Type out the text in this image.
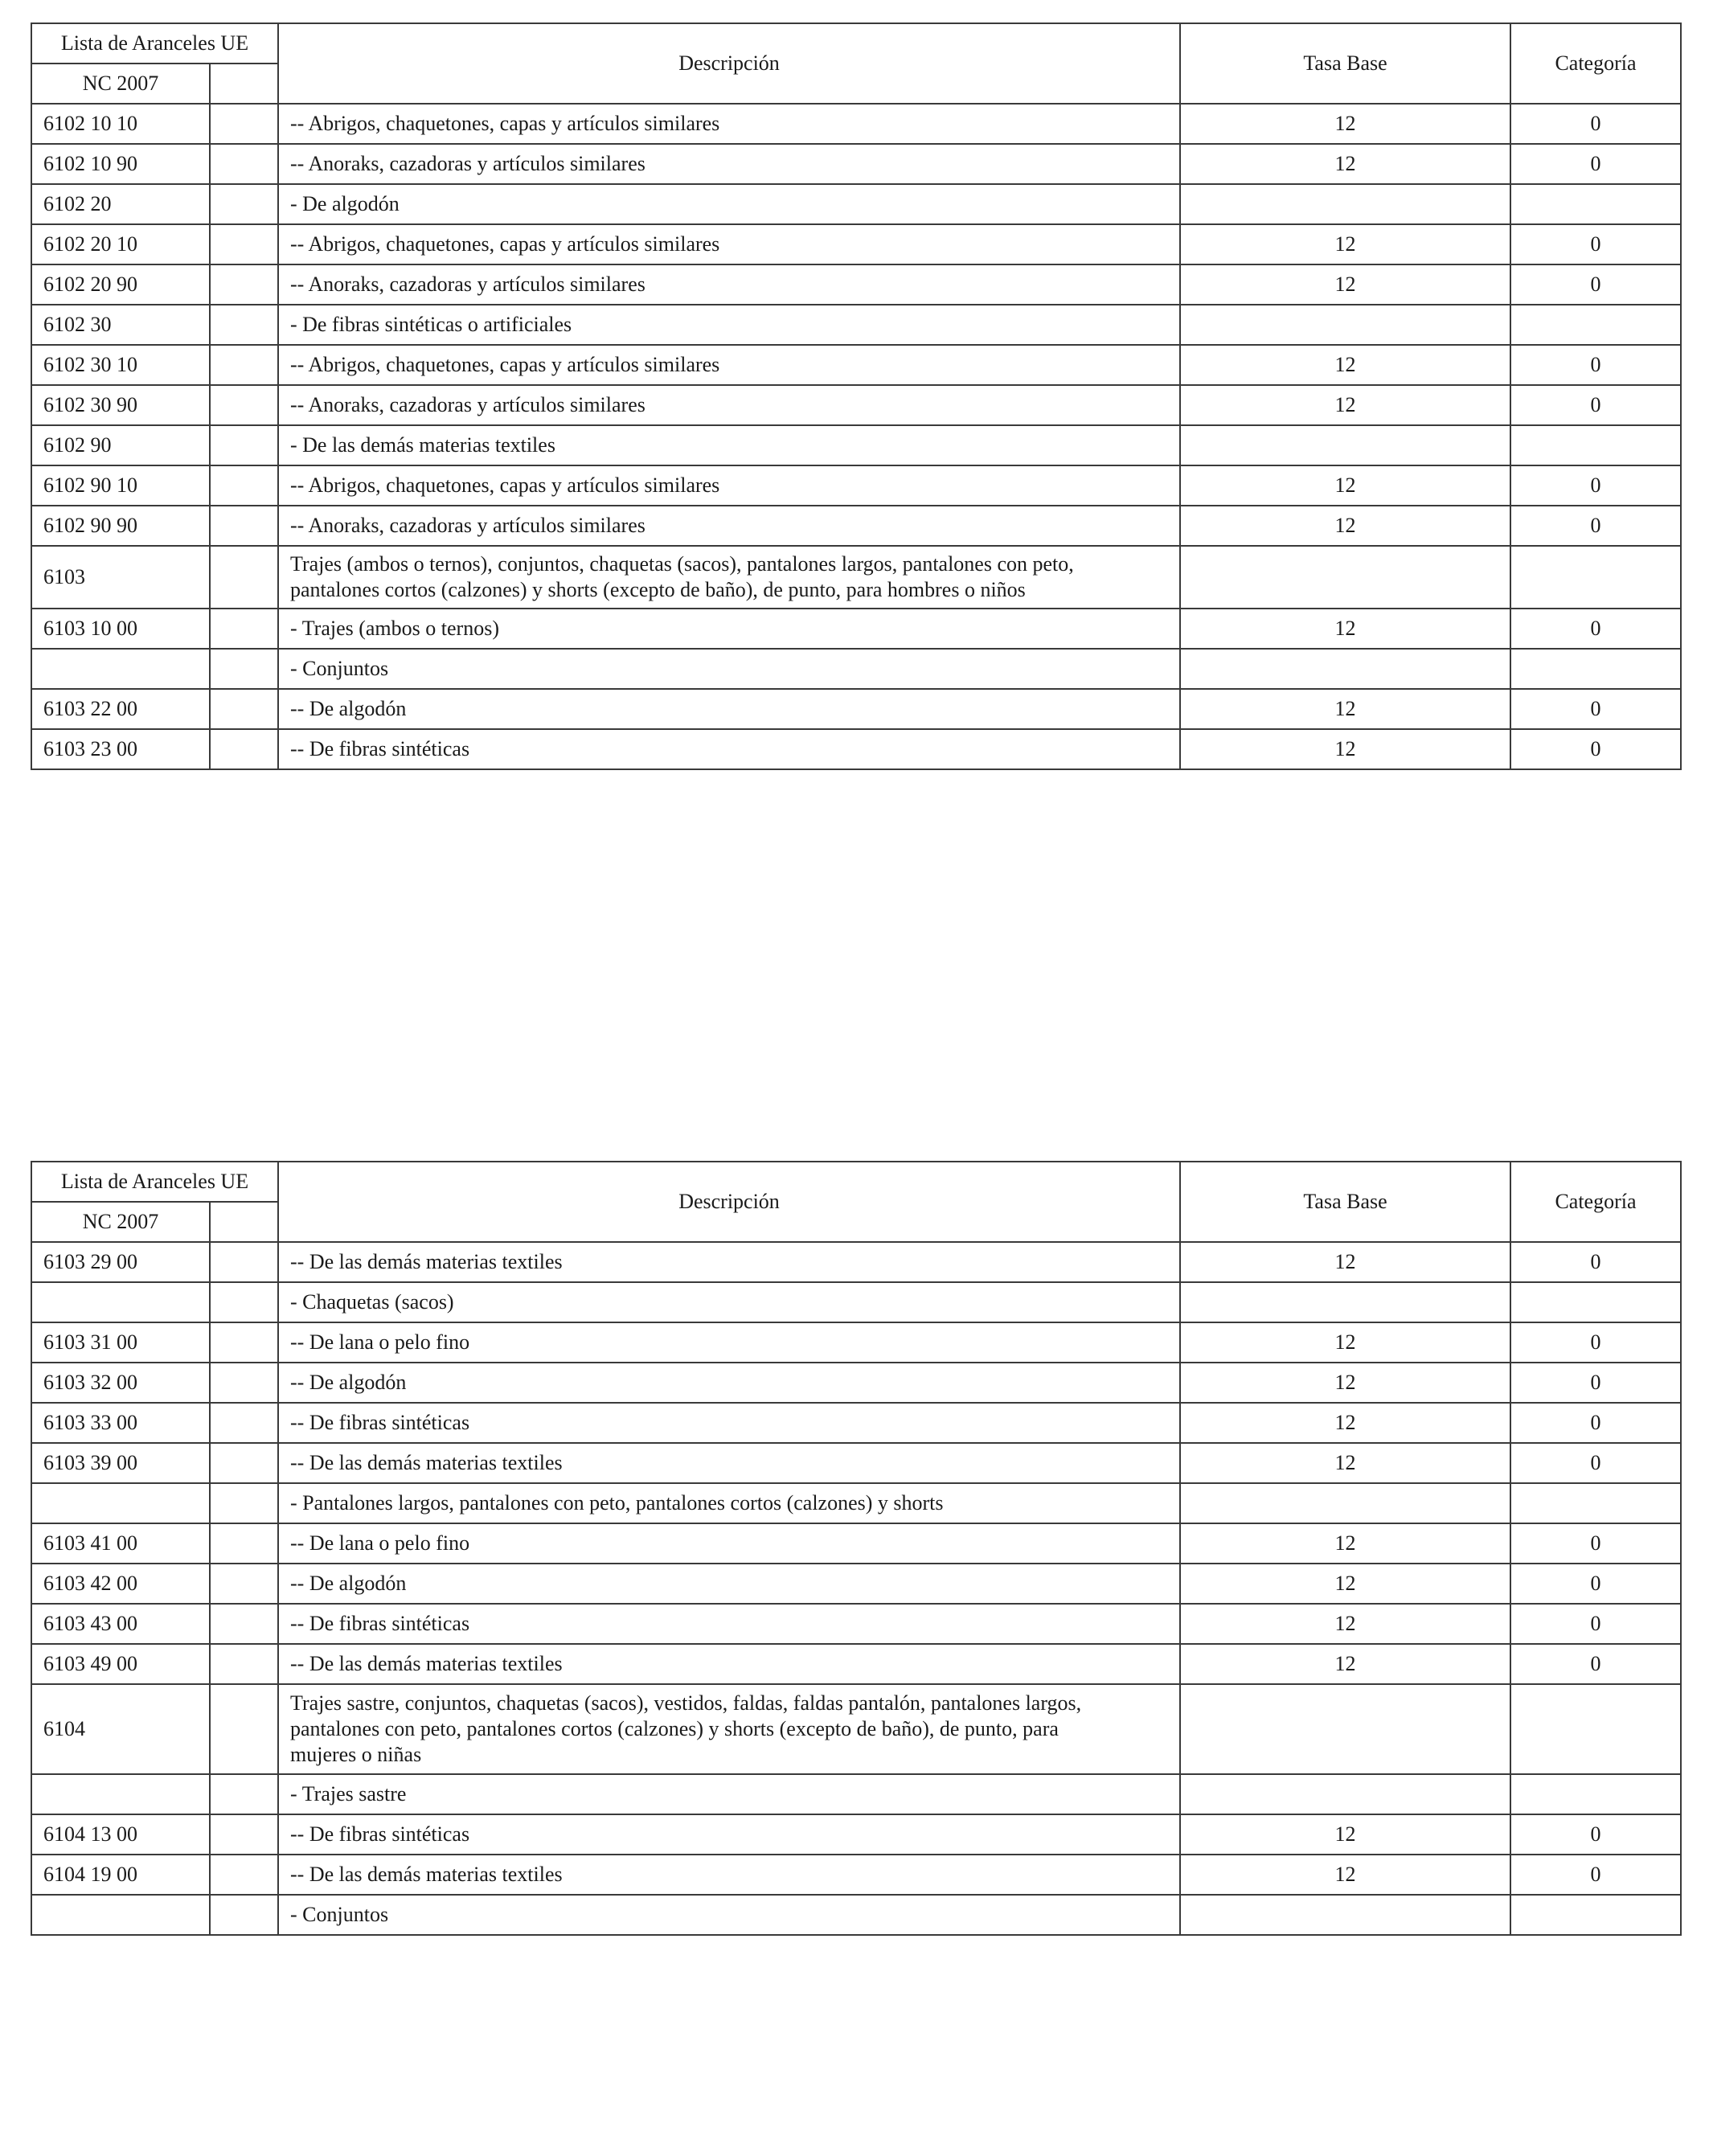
Lista de Aranceles UE		Descripción	Tasa Base	Categoría
NC 2007				
6102 10 10		-- Abrigos, chaquetones, capas y artículos similares	12	0
6102 10 90		-- Anoraks, cazadoras y artículos similares	12	0
6102 20		- De algodón		
6102 20 10		-- Abrigos, chaquetones, capas y artículos similares	12	0
6102 20 90		-- Anoraks, cazadoras y artículos similares	12	0
6102 30		- De fibras sintéticas o artificiales		
6102 30 10		-- Abrigos, chaquetones, capas y artículos similares	12	0
6102 30 90		-- Anoraks, cazadoras y artículos similares	12	0
6102 90		- De las demás materias textiles		
6102 90 10		-- Abrigos, chaquetones, capas y artículos similares	12	0
6102 90 90		-- Anoraks, cazadoras y artículos similares	12	0
6103		Trajes (ambos o ternos), conjuntos, chaquetas (sacos), pantalones largos, pantalones con peto,
pantalones cortos (calzones) y shorts (excepto de baño), de punto, para hombres o niños		

6103 10 00		- Trajes (ambos o ternos)	12	0
		- Conjuntos		
6103 22 00		-- De algodón	12	0
6103 23 00		-- De fibras sintéticas	12	0
Lista de Aranceles UE		Descripción	Tasa Base	Categoría
NC 2007				
6103 29 00		-- De las demás materias textiles	12	0
		- Chaquetas (sacos)		
6103 31 00		-- De lana o pelo fino	12	0
6103 32 00		-- De algodón	12	0
6103 33 00		-- De fibras sintéticas	12	0
6103 39 00		-- De las demás materias textiles	12	0
		- Pantalones largos, pantalones con peto, pantalones cortos (calzones) y shorts		
6103 41 00		-- De lana o pelo fino	12	0
6103 42 00		-- De algodón	12	0
6103 43 00		-- De fibras sintéticas	12	0
6103 49 00		-- De las demás materias textiles	12	0
6104		Trajes sastre, conjuntos, chaquetas (sacos), vestidos, faldas, faldas pantalón, pantalones largos,
pantalones con peto, pantalones cortos (calzones) y shorts (excepto de baño), de punto, para
mujeres o niñas		

		- Trajes sastre		
6104 13 00		-- De fibras sintéticas	12	0
6104 19 00		-- De las demás materias textiles	12	0
		- Conjuntos		
